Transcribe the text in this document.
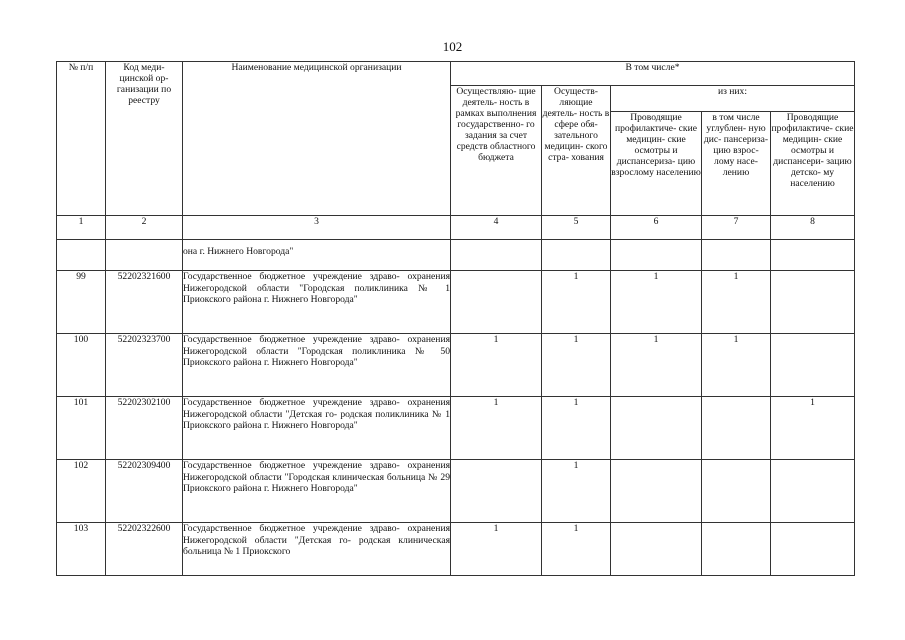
102
№ п/п	Код меди- цинской ор- ганизации по реестру	Наименование медицинской организации	В том числе*				
			Осуществляю- щие деятель- ность в рамках выполнения государственно- го задания за счет средств областного бюджета	Осуществ- ляющие деятель- ность в сфере обя- зательного медицин- ского стра- хования	из них:		
					Проводящие профилактиче- ские медицин- ские осмотры и диспансериза- цию взрослому населению	в том числе углублен- ную дис- пансериза- цию взрос- лому насе- лению	Проводящие профилактиче- ские медицин- ские осмотры и диспансери- зацию детско- му населению
1	2	3	4	5	6	7	8
		она г. Нижнего Новгорода"					
99	52202321600	Государственное бюджетное учреждение здраво- охранения Нижегородской области "Городская поликлиника № 1 Приокского района г. Нижнего Новгорода"		1	1	1	
100	52202323700	Государственное бюджетное учреждение здраво- охранения Нижегородской области "Городская поликлиника № 50 Приокского района г. Нижнего Новгорода"	1	1	1	1	
101	52202302100	Государственное бюджетное учреждение здраво- охранения Нижегородской области "Детская го- родская поликлиника № 1 Приокского района г. Нижнего Новгорода"	1	1			1
102	52202309400	Государственное бюджетное учреждение здраво- охранения Нижегородской области "Городская клиническая больница № 29 Приокского района г. Нижнего Новгорода"		1			
103	52202322600	Государственное бюджетное учреждение здраво- охранения Нижегородской области "Детская го- родская клиническая больница № 1 Приокского	1	1			
